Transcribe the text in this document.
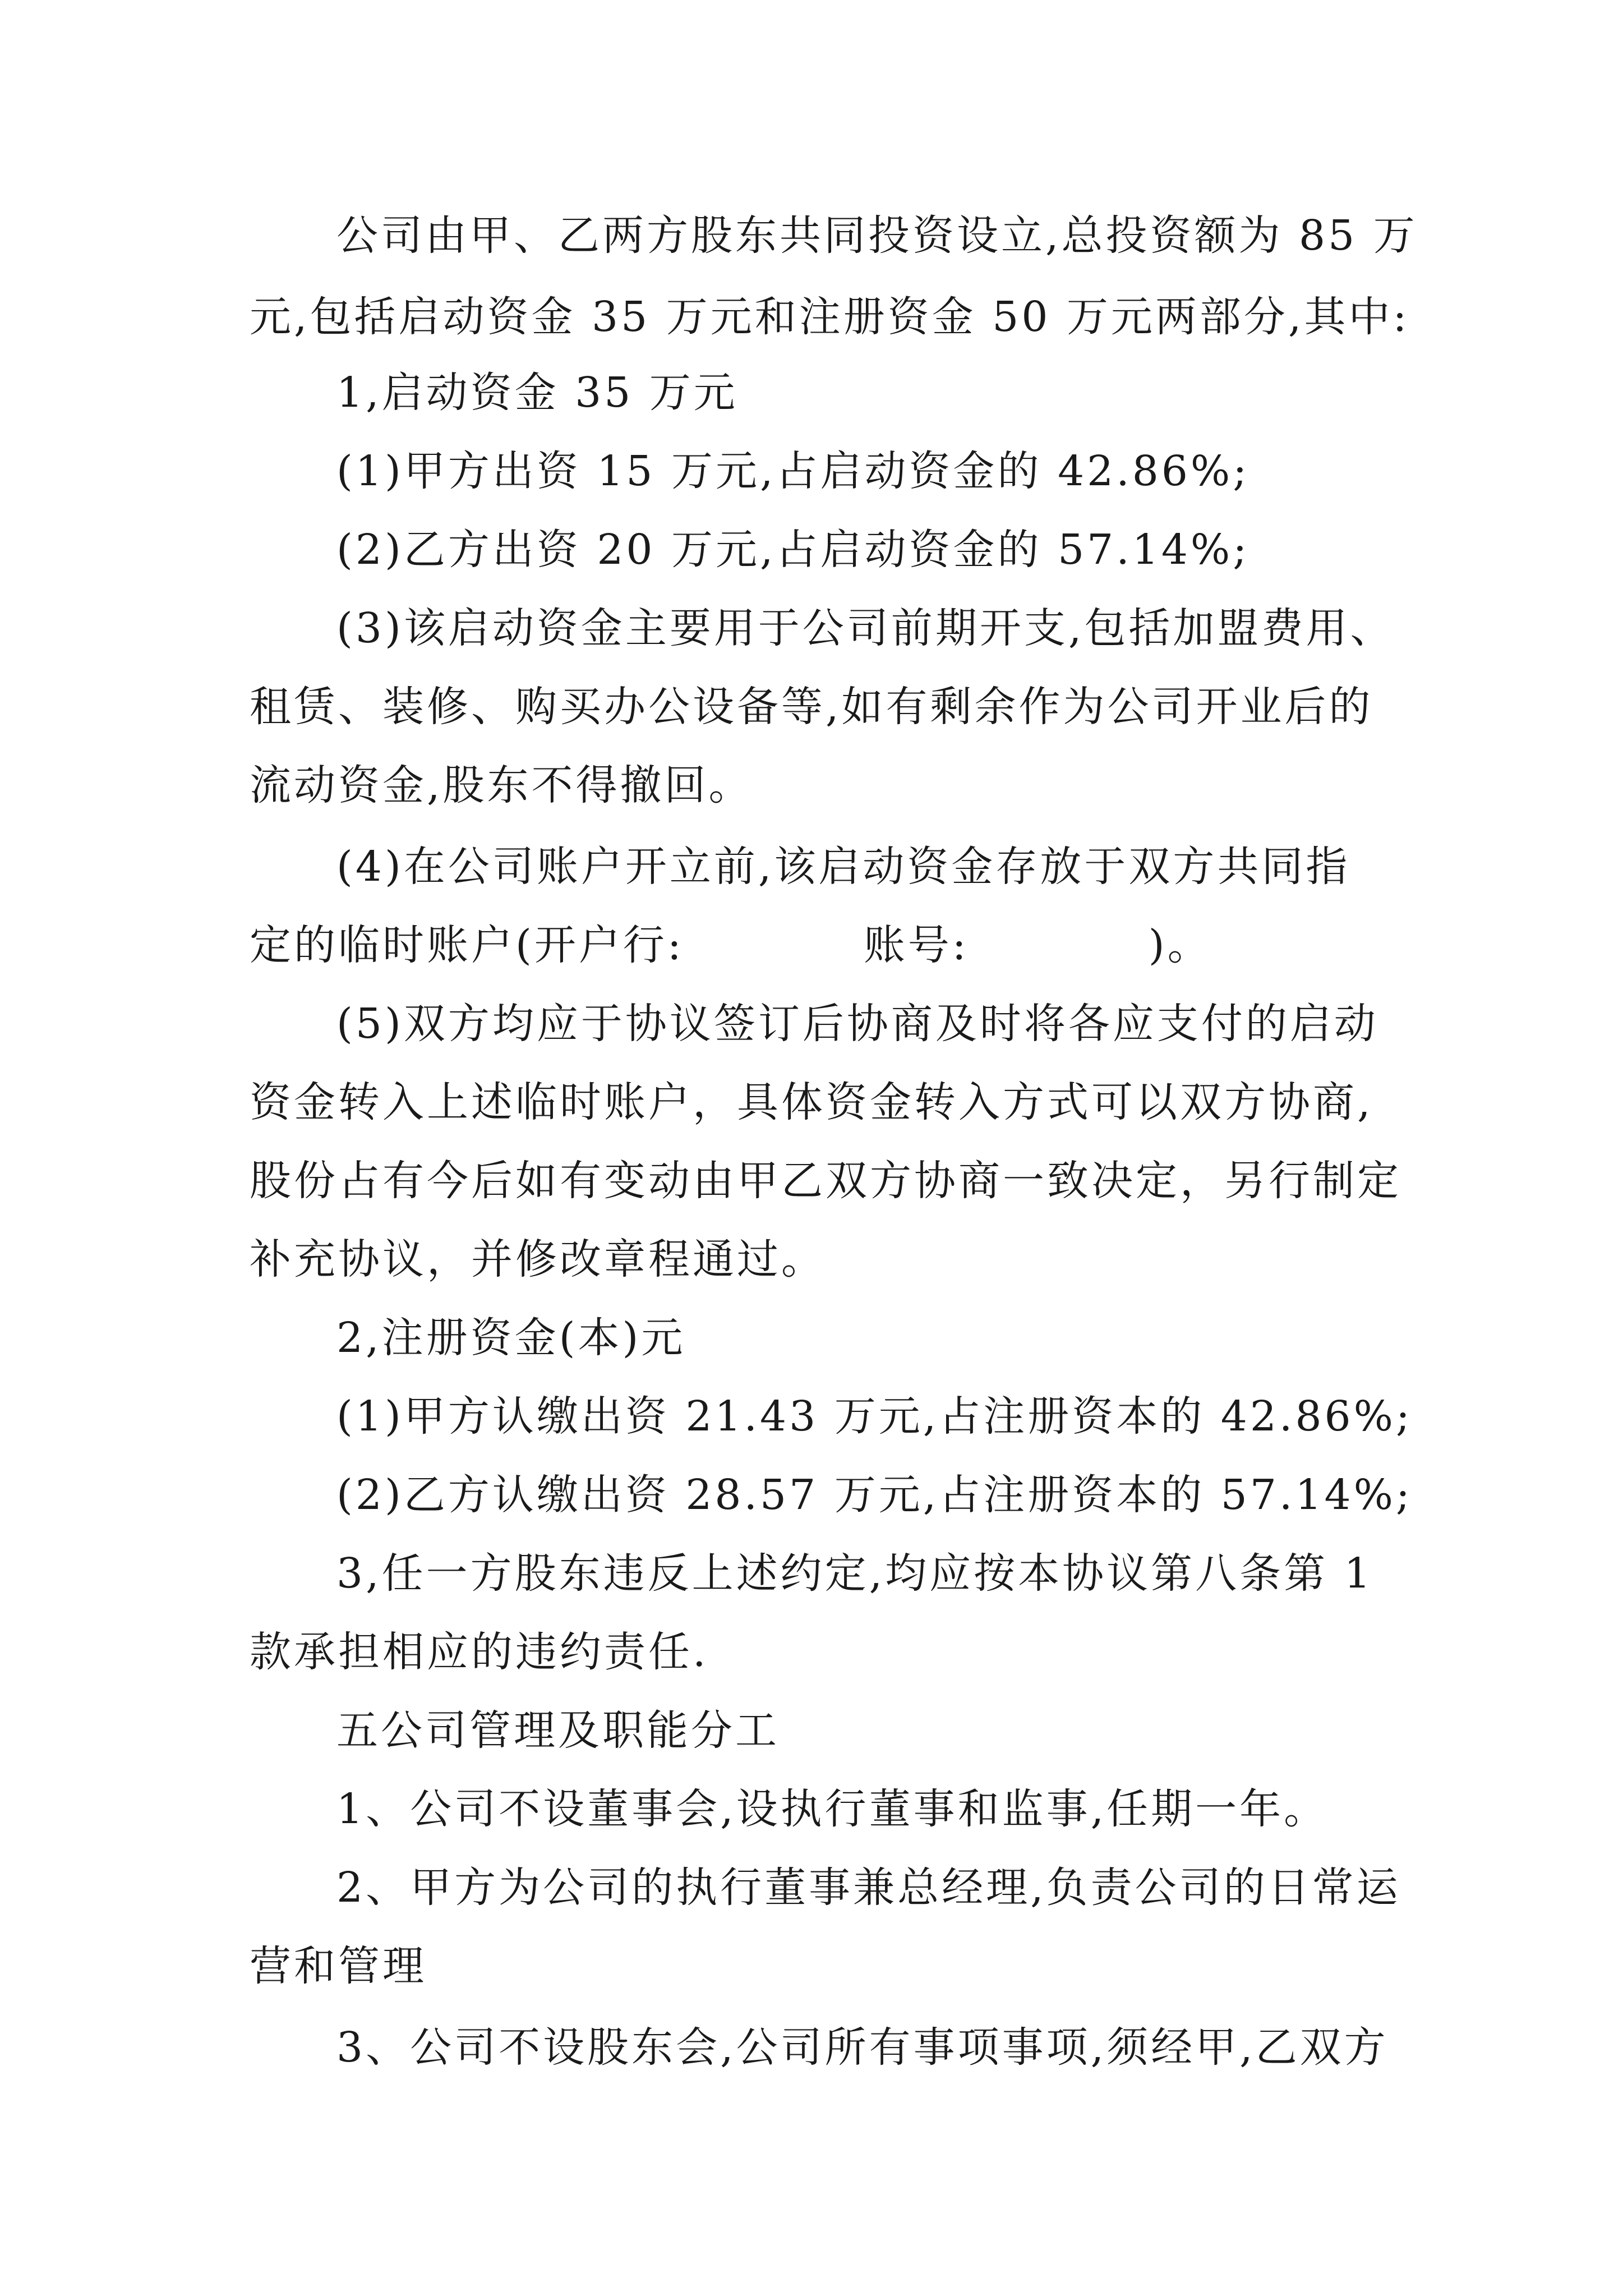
公司由甲、乙两方股东共同投资设立,总投资额为 85 万
元,包括启动资金 35 万元和注册资金 50 万元两部分,其中:
1,启动资金 35 万元
(1)甲方出资 15 万元,占启动资金的 42.86%;
(2)乙方出资 20 万元,占启动资金的 57.14%;
(3)该启动资金主要用于公司前期开支,包括加盟费用、
租赁、装修、购买办公设备等,如有剩余作为公司开业后的
流动资金,股东不得撤回。
(4)在公司账户开立前,该启动资金存放于双方共同指
定的临时账户(开户行:	账号:	)。
(5)双方均应于协议签订后协商及时将各应支付的启动
资金转入上述临时账户，具体资金转入方式可以双方协商,
股份占有今后如有变动由甲乙双方协商一致决定，另行制定
补充协议，并修改章程通过。
2,注册资金(本)元
(1)甲方认缴出资 21.43 万元,占注册资本的 42.86%;
(2)乙方认缴出资 28.57 万元,占注册资本的 57.14%;
3,任一方股东违反上述约定,均应按本协议第八条第 1
款承担相应的违约责任.
五公司管理及职能分工
1、公司不设董事会,设执行董事和监事,任期一年。
2、甲方为公司的执行董事兼总经理,负责公司的日常运
营和管理
3、公司不设股东会,公司所有事项事项,须经甲,乙双方
